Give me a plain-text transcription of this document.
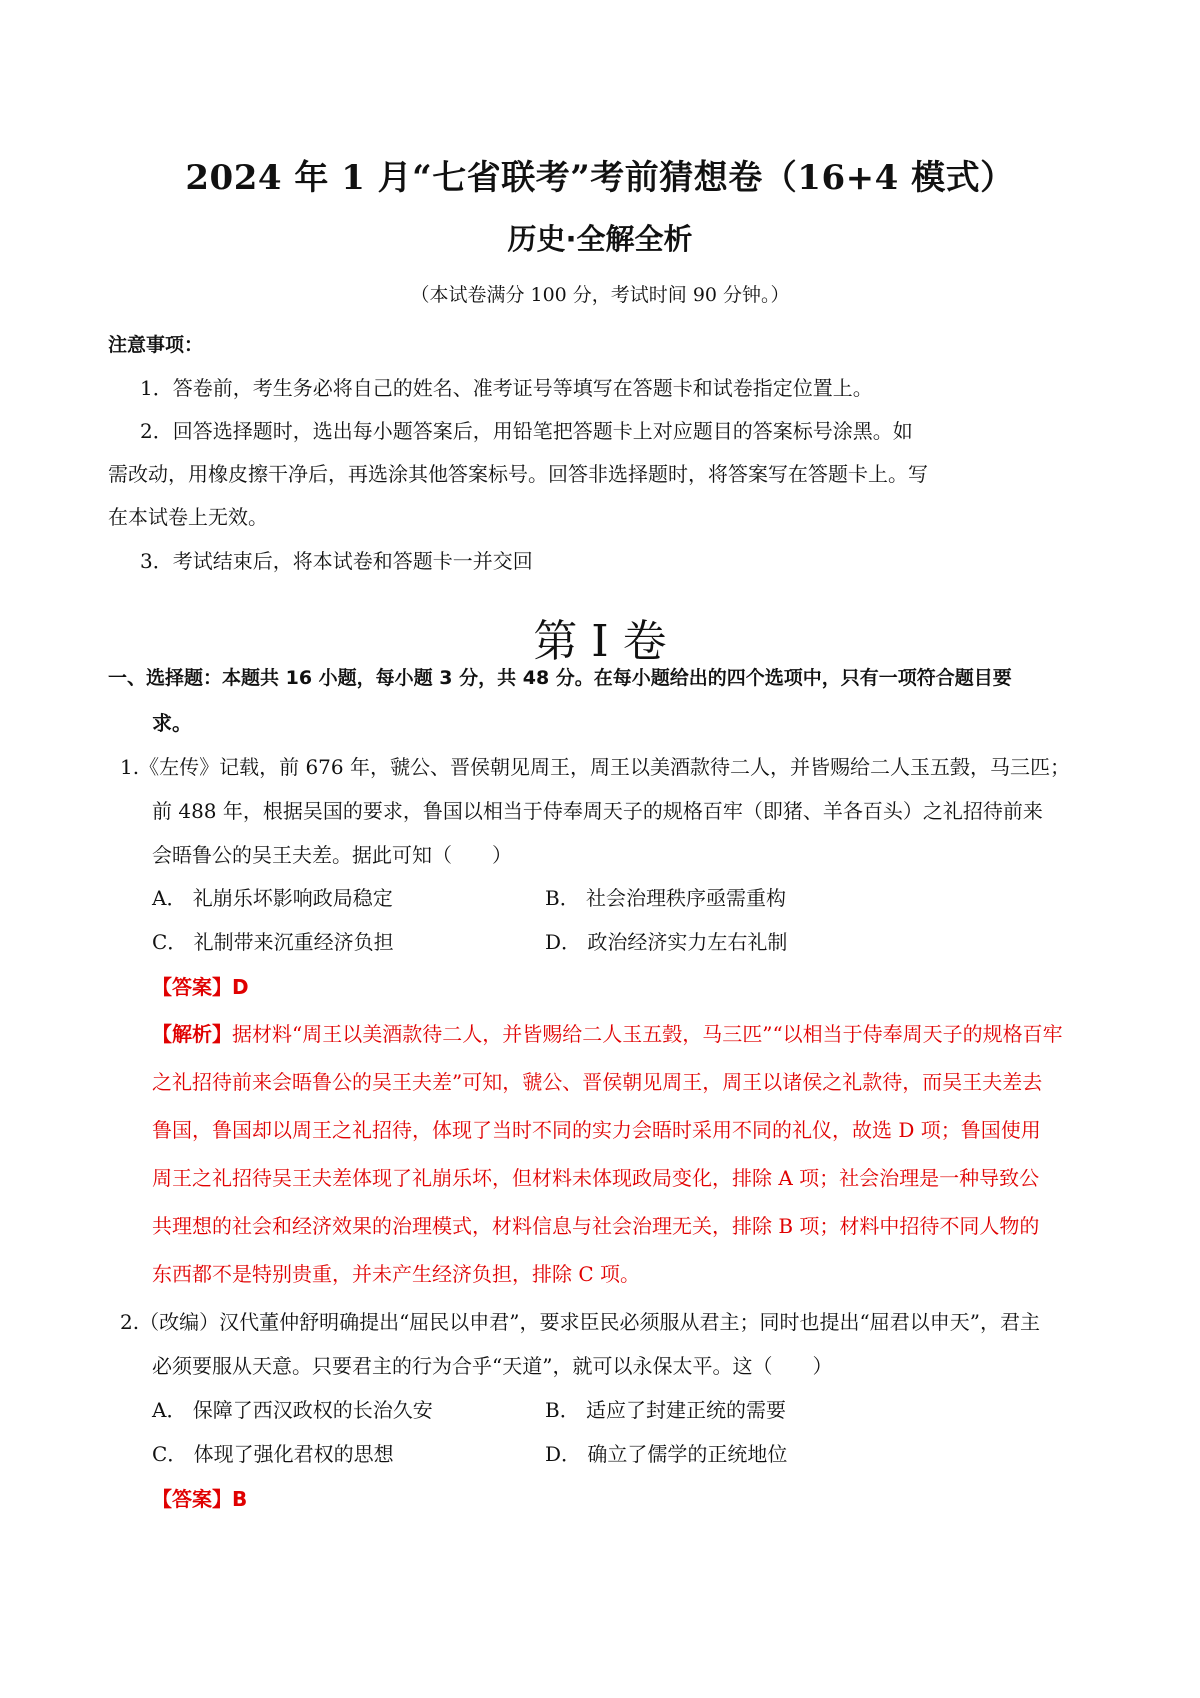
2024 年 1 月“七省联考”考前猜想卷（16+4 模式）
历史·全解全析
（本试卷满分 100 分，考试时间 90 分钟。）
注意事项：
1．答卷前，考生务必将自己的姓名、准考证号等填写在答题卡和试卷指定位置上。
2．回答选择题时，选出每小题答案后，用铅笔把答题卡上对应题目的答案标号涂黑。如
需改动，用橡皮擦干净后，再选涂其他答案标号。回答非选择题时，将答案写在答题卡上。写
在本试卷上无效。
3．考试结束后，将本试卷和答题卡一并交回
第 I 卷
一、选择题：本题共 16 小题，每小题 3 分，共 48 分。在每小题给出的四个选项中，只有一项符合题目要
求。
1.《左传》记载，前 676 年，虢公、晋侯朝见周王，周王以美酒款待二人，并皆赐给二人玉五瑴，马三匹；
前 488 年，根据吴国的要求，鲁国以相当于侍奉周天子的规格百牢（即猪、羊各百头）之礼招待前来
会晤鲁公的吴王夫差。据此可知（　　）
A． 礼崩乐坏影响政局稳定	B． 社会治理秩序亟需重构
C． 礼制带来沉重经济负担	D． 政治经济实力左右礼制
【答案】D
【解析】据材料“周王以美酒款待二人，并皆赐给二人玉五瑴，马三匹”“以相当于侍奉周天子的规格百牢
之礼招待前来会晤鲁公的吴王夫差”可知，虢公、晋侯朝见周王，周王以诸侯之礼款待，而吴王夫差去
鲁国，鲁国却以周王之礼招待，体现了当时不同的实力会晤时采用不同的礼仪，故选 D 项；鲁国使用
周王之礼招待吴王夫差体现了礼崩乐坏，但材料未体现政局变化，排除 A 项；社会治理是一种导致公
共理想的社会和经济效果的治理模式，材料信息与社会治理无关，排除 B 项；材料中招待不同人物的
东西都不是特别贵重，并未产生经济负担，排除 C 项。
2.（改编）汉代董仲舒明确提出“屈民以申君”，要求臣民必须服从君主；同时也提出“屈君以申天”，君主
必须要服从天意。只要君主的行为合乎“天道”，就可以永保太平。这（　　）
A． 保障了西汉政权的长治久安	B． 适应了封建正统的需要
C． 体现了强化君权的思想	D． 确立了儒学的正统地位
【答案】B
